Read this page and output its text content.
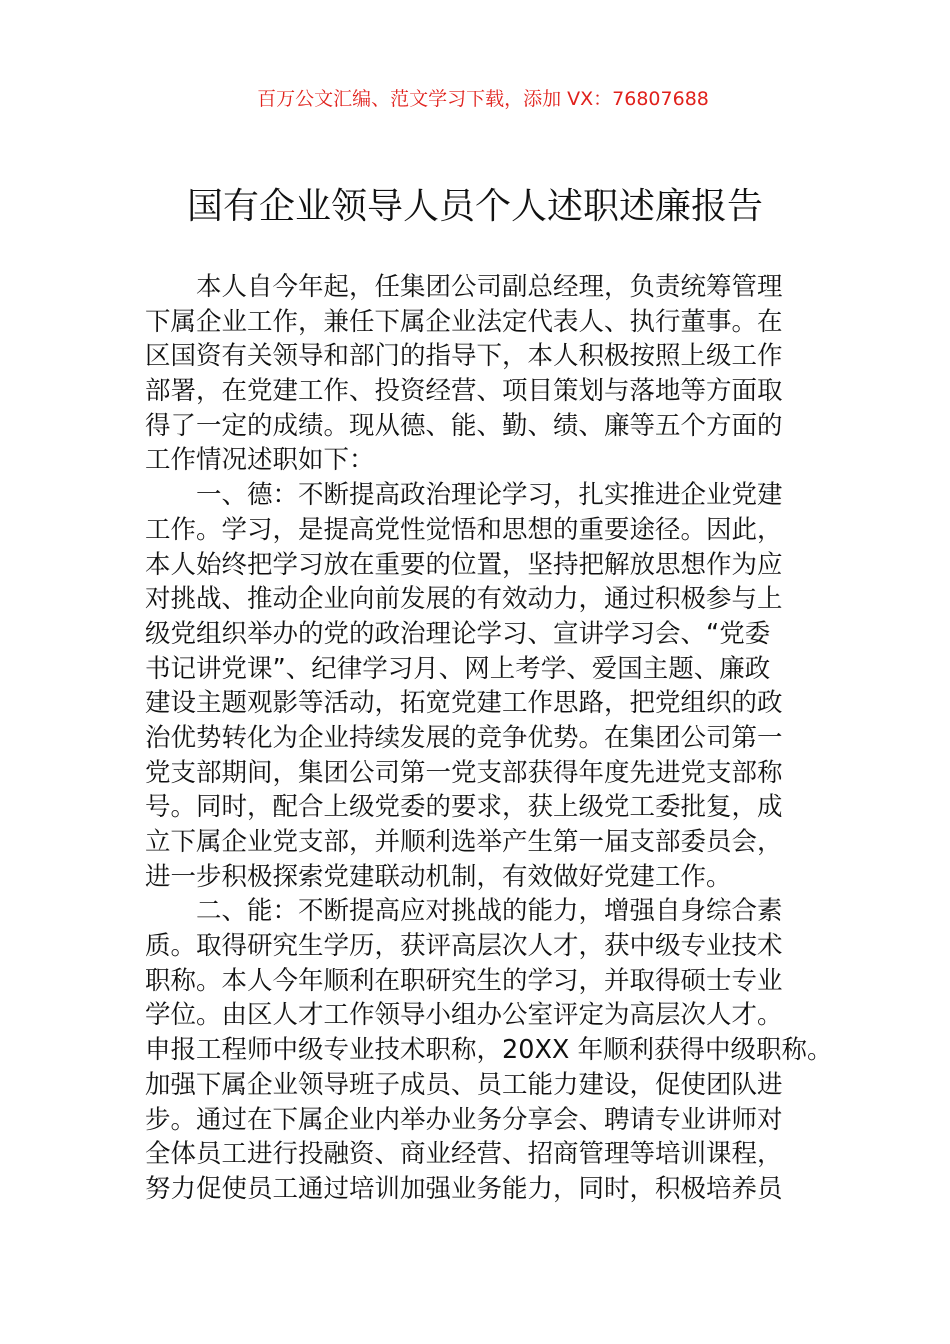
百万公文汇编、范文学习下载，添加 VX：76807688
国有企业领导人员个人述职述廉报告
本人自今年起，任集团公司副总经理，负责统筹管理
下属企业工作，兼任下属企业法定代表人、执行董事。在
区国资有关领导和部门的指导下，本人积极按照上级工作
部署，在党建工作、投资经营、项目策划与落地等方面取
得了一定的成绩。现从德、能、勤、绩、廉等五个方面的
工作情况述职如下：
一、德：不断提高政治理论学习，扎实推进企业党建
工作。学习，是提高党性觉悟和思想的重要途径。因此，
本人始终把学习放在重要的位置，坚持把解放思想作为应
对挑战、推动企业向前发展的有效动力，通过积极参与上
级党组织举办的党的政治理论学习、宣讲学习会、“党委
书记讲党课”、纪律学习月、网上考学、爱国主题、廉政
建设主题观影等活动，拓宽党建工作思路，把党组织的政
治优势转化为企业持续发展的竞争优势。在集团公司第一
党支部期间，集团公司第一党支部获得年度先进党支部称
号。同时，配合上级党委的要求，获上级党工委批复，成
立下属企业党支部，并顺利选举产生第一届支部委员会，
进一步积极探索党建联动机制，有效做好党建工作。
二、能：不断提高应对挑战的能力，增强自身综合素
质。取得研究生学历，获评高层次人才，获中级专业技术
职称。本人今年顺利在职研究生的学习，并取得硕士专业
学位。由区人才工作领导小组办公室评定为高层次人才。
申报工程师中级专业技术职称，20XX 年顺利获得中级职称。
加强下属企业领导班子成员、员工能力建设，促使团队进
步。通过在下属企业内举办业务分享会、聘请专业讲师对
全体员工进行投融资、商业经营、招商管理等培训课程，
努力促使员工通过培训加强业务能力，同时，积极培养员
